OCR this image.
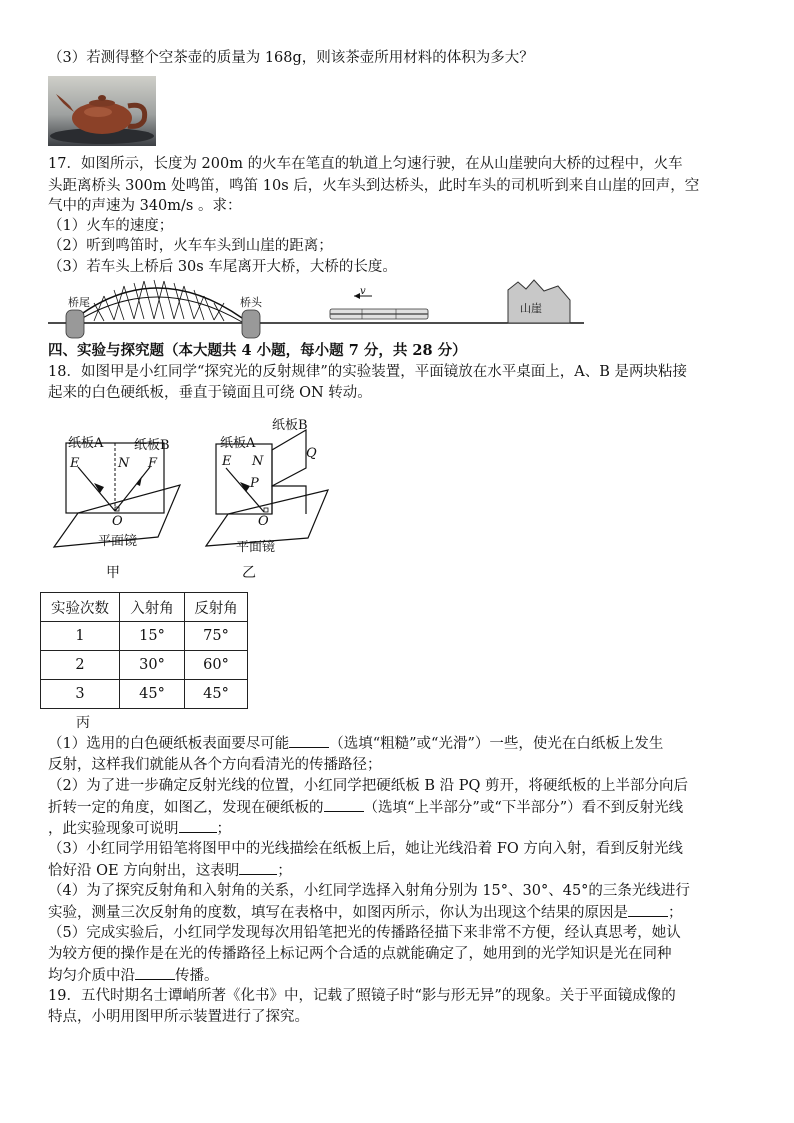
（3）若测得整个空茶壶的质量为 168g，则该茶壶所用材料的体积为多大？
17．如图所示，长度为 200m 的火车在笔直的轨道上匀速行驶，在从山崖驶向大桥的过程中，火车
头距离桥头 300m 处鸣笛，鸣笛 10s 后，火车头到达桥头，此时车头的司机听到来自山崖的回声，空
气中的声速为 340m/s 。求：
（1）火车的速度；
（2）听到鸣笛时，火车车头到山崖的距离；
（3）若车头上桥后 30s 车尾离开大桥，大桥的长度。
桥尾	桥头
v
山崖
四、实验与探究题（本大题共 4 小题，每小题 7 分，共 28 分）
18．如图甲是小红同学“探究光的反射规律”的实验装置，平面镜放在水平桌面上，A、B 是两块粘接
起来的白色硬纸板，垂直于镜面且可绕 ON 转动。
纸板A 纸板B
E	N F
O
平面镜
甲
纸板A
纸板B
E N
P
Q
O
平面镜
乙
实验次数	入射角	反射角
1	15°	75°
2	30°	60°
3	45°	45°
丙
（1）选用的白色硬纸板表面要尽可能	（选填“粗糙”或“光滑”）一些，使光在白纸板上发生
反射，这样我们就能从各个方向看清光的传播路径；
（2）为了进一步确定反射光线的位置，小红同学把硬纸板 B 沿 PQ 剪开，将硬纸板的上半部分向后
折转一定的角度，如图乙，发现在硬纸板的	（选填“上半部分”或“下半部分”）看不到反射光线
，此实验现象可说明	；
（3）小红同学用铅笔将图甲中的光线描绘在纸板上后，她让光线沿着 FO 方向入射，看到反射光线
恰好沿 OE 方向射出，这表明	；
（4）为了探究反射角和入射角的关系，小红同学选择入射角分别为 15°、30°、45°的三条光线进行
实验，测量三次反射角的度数，填写在表格中，如图丙所示，你认为出现这个结果的原因是	；
（5）完成实验后，小红同学发现每次用铅笔把光的传播路径描下来非常不方便，经认真思考，她认
为较方便的操作是在光的传播路径上标记两个合适的点就能确定了，她用到的光学知识是光在同种
均匀介质中沿	传播。
19．五代时期名士谭峭所著《化书》中，记载了照镜子时“影与形无异”的现象。关于平面镜成像的
特点，小明用图甲所示装置进行了探究。
